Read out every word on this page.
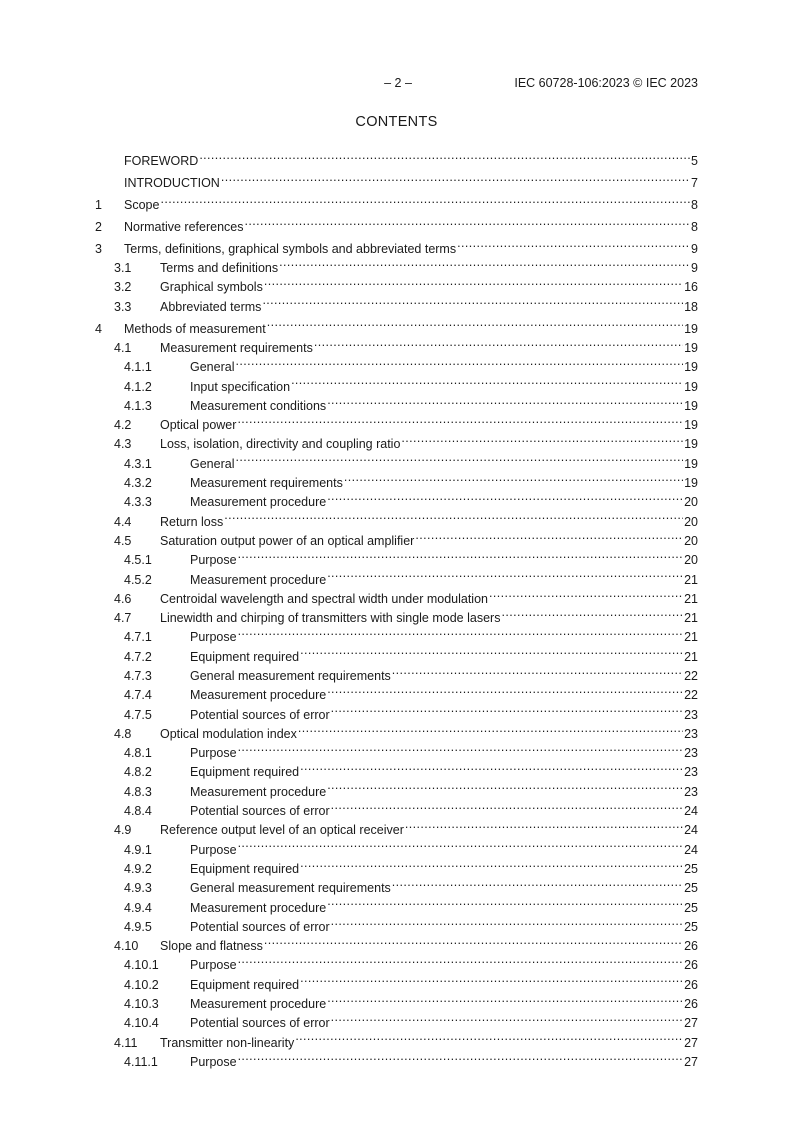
– 2 –	IEC 60728-106:2023 © IEC 2023
CONTENTS
FOREWORD .....	5
INTRODUCTION .....	7
1	Scope .....	8
2	Normative references .....	8
3	Terms, definitions, graphical symbols and abbreviated terms .....	9
3.1	Terms and definitions .....	9
3.2	Graphical symbols .....	16
3.3	Abbreviated terms .....	18
4	Methods of measurement .....	19
4.1	Measurement requirements .....	19
4.1.1	General .....	19
4.1.2	Input specification .....	19
4.1.3	Measurement conditions .....	19
4.2	Optical power .....	19
4.3	Loss, isolation, directivity and coupling ratio .....	19
4.3.1	General .....	19
4.3.2	Measurement requirements .....	19
4.3.3	Measurement procedure .....	20
4.4	Return loss .....	20
4.5	Saturation output power of an optical amplifier .....	20
4.5.1	Purpose .....	20
4.5.2	Measurement procedure .....	21
4.6	Centroidal wavelength and spectral width under modulation .....	21
4.7	Linewidth and chirping of transmitters with single mode lasers .....	21
4.7.1	Purpose .....	21
4.7.2	Equipment required .....	21
4.7.3	General measurement requirements .....	22
4.7.4	Measurement procedure .....	22
4.7.5	Potential sources of error .....	23
4.8	Optical modulation index .....	23
4.8.1	Purpose .....	23
4.8.2	Equipment required .....	23
4.8.3	Measurement procedure .....	23
4.8.4	Potential sources of error .....	24
4.9	Reference output level of an optical receiver .....	24
4.9.1	Purpose .....	24
4.9.2	Equipment required .....	25
4.9.3	General measurement requirements .....	25
4.9.4	Measurement procedure .....	25
4.9.5	Potential sources of error .....	25
4.10	Slope and flatness .....	26
4.10.1	Purpose .....	26
4.10.2	Equipment required .....	26
4.10.3	Measurement procedure .....	26
4.10.4	Potential sources of error .....	27
4.11	Transmitter non-linearity .....	27
4.11.1	Purpose .....	27
